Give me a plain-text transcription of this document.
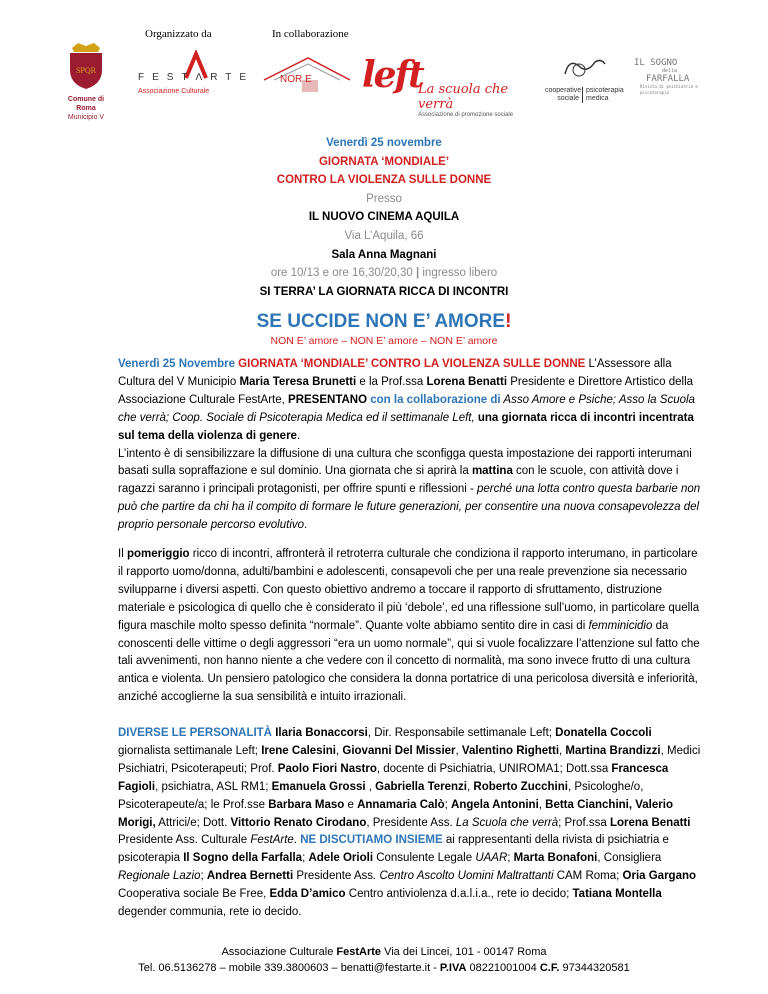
Organizzato da	In collaborazione
SPQR
Comune di Roma
Municipio V
FESTΛRTE
Associazione Culturale
NOR E left
La scuola che verrà
Associazione di promozione sociale
cooperative sociale
psicoterapia medica
IL SOGNO
della
FARFALLA
Rivista di psichiatria e psicoterapia
Venerdì 25 novembre
GIORNATA ‘MONDIALE’
CONTRO LA VIOLENZA SULLE DONNE
Presso
IL NUOVO CINEMA AQUILA
Via L’Aquila, 66
Sala Anna Magnani
ore 10/13 e ore 16,30/20,30 | ingresso libero
SI TERRA’ LA GIORNATA RICCA DI INCONTRI
SE UCCIDE NON E’ AMORE!
NON E’ amore – NON E’ amore – NON E’ amore

Venerdì 25 Novembre GIORNATA ‘MONDIALE’ CONTRO LA VIOLENZA SULLE DONNE L’Assessore alla Cultura del V Municipio Maria Teresa Brunetti e la Prof.ssa Lorena Benatti Presidente e Direttore Artistico della Associazione Culturale FestArte, PRESENTANO con la collaborazione di Asso Amore e Psiche; Asso la Scuola che verrà; Coop. Sociale di Psicoterapia Medica ed il settimanale Left, una giornata ricca di incontri incentrata sul tema della violenza di genere.

L’intento è di sensibilizzare la diffusione di una cultura che sconfigga questa impostazione dei rapporti interumani basati sulla sopraffazione e sul dominio. Una giornata che si aprirà la mattina con le scuole, con attività dove i ragazzi saranno i principali protagonisti, per offrire spunti e riflessioni - perché una lotta contro questa barbarie non può che partire da chi ha il compito di formare le future generazioni, per consentire una nuova consapevolezza del proprio personale percorso evolutivo.

Il pomeriggio ricco di incontri, affronterà il retroterra culturale che condiziona il rapporto interumano, in particolare il rapporto uomo/donna, adulti/bambini e adolescenti, consapevoli che per una reale prevenzione sia necessario svilupparne i diversi aspetti. Con questo obiettivo andremo a toccare il rapporto di sfruttamento, distruzione materiale e psicologica di quello che è considerato il più ‘debole’, ed una riflessione sull’uomo, in particolare quella figura maschile molto spesso definita “normale”. Quante volte abbiamo sentito dire in casi di femminicidio da conoscenti delle vittime o degli aggressori “era un uomo normale”, qui si vuole focalizzare l’attenzione sul fatto che tali avvenimenti, non hanno niente a che vedere con il concetto di normalità, ma sono invece frutto di una cultura antica e violenta. Un pensiero patologico che considera la donna portatrice di una pericolosa diversità e inferiorità, anziché accoglierne la sua sensibilità e intuito irrazionali.

DIVERSE LE PERSONALITÀ Ilaria Bonaccorsi, Dir. Responsabile settimanale Left; Donatella Coccoli giornalista settimanale Left; Irene Calesini, Giovanni Del Missier, Valentino Righetti, Martina Brandizzi, Medici Psichiatri, Psicoterapeuti; Prof. Paolo Fiori Nastro, docente di Psichiatria, UNIROMA1; Dott.ssa Francesca Fagioli, psichiatra, ASL RM1; Emanuela Grossi , Gabriella Terenzi, Roberto Zucchini, Psicologhe/o, Psicoterapeute/a; le Prof.sse Barbara Maso e Annamaria Calò; Angela Antonini, Betta Cianchini, Valerio Morigi, Attrici/e; Dott. Vittorio Renato Cirodano, Presidente Ass. La Scuola che verrà; Prof.ssa Lorena Benatti Presidente Ass. Culturale FestArte. NE DISCUTIAMO INSIEME ai rappresentanti della rivista di psichiatria e psicoterapia Il Sogno della Farfalla; Adele Orioli Consulente Legale UAAR; Marta Bonafoni, Consigliera Regionale Lazio; Andrea Bernetti Presidente Ass. Centro Ascolto Uomini Maltrattanti CAM Roma; Oria Gargano Cooperativa sociale Be Free, Edda D’amico Centro antiviolenza d.a.l.i.a., rete io decido; Tatiana Montella degender communia, rete io decido.

Associazione Culturale FestArte Via dei Lincei, 101 - 00147 Roma
Tel. 06.5136278 – mobile 339.3800603 – benatti@festarte.it - P.IVA 08221001004 C.F. 97344320581
